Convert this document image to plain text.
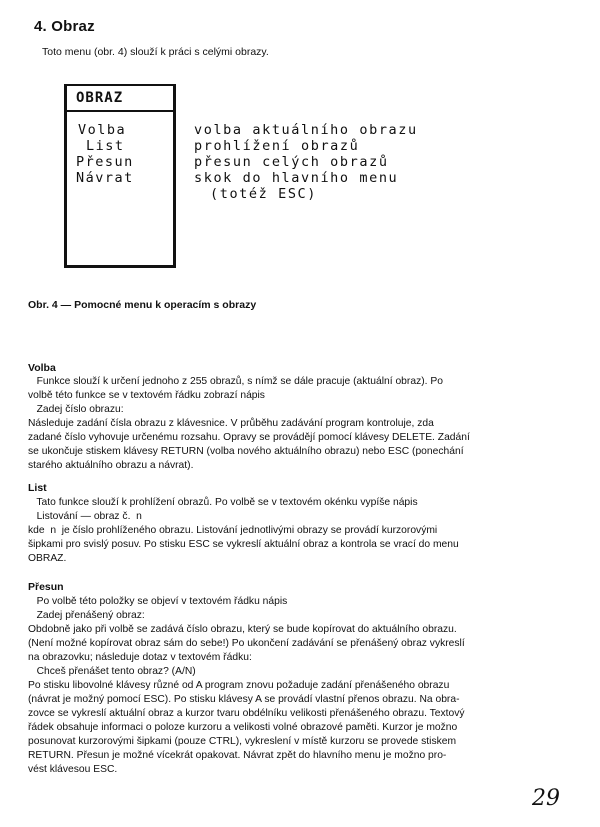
4. Obraz
Toto menu (obr. 4) slouží k práci s celými obrazy.
OBRAZ
Volba
List
Přesun
Návrat
volba aktuálního obrazu
prohlížení obrazů
přesun celých obrazů
skok do hlavního menu
(totéž ESC)
Obr. 4 — Pomocné menu k operacím s obrazy
Volba
Funkce slouží k určení jednoho z 255 obrazů, s nímž se dále pracuje (aktuální obraz). Po
volbě této funkce se v textovém řádku zobrazí nápis
Zadej číslo obrazu:
Následuje zadání čísla obrazu z klávesnice. V průběhu zadávání program kontroluje, zda
zadané číslo vyhovuje určenému rozsahu. Opravy se provádějí pomocí klávesy DELETE. Zadání
se ukončuje stiskem klávesy RETURN (volba nového aktuálního obrazu) nebo ESC (ponechání
starého aktuálního obrazu a návrat).
List
Tato funkce slouží k prohlížení obrazů. Po volbě se v textovém okénku vypíše nápis
Listování — obraz č.  n
kde  n  je číslo prohlíženého obrazu. Listování jednotlivými obrazy se provádí kurzorovými
šipkami pro svislý posuv. Po stisku ESC se vykreslí aktuální obraz a kontrola se vrací do menu
OBRAZ.
Přesun
Po volbě této položky se objeví v textovém řádku nápis
Zadej přenášený obraz:
Obdobně jako při volbě se zadává číslo obrazu, který se bude kopírovat do aktuálního obrazu.
(Není možné kopírovat obraz sám do sebe!) Po ukončení zadávání se přenášený obraz vykreslí
na obrazovku; následuje dotaz v textovém řádku:
Chceš přenášet tento obraz? (A/N)
Po stisku libovolné klávesy různé od A program znovu požaduje zadání přenášeného obrazu
(návrat je možný pomocí ESC). Po stisku klávesy A se provádí vlastní přenos obrazu. Na obra-
zovce se vykreslí aktuální obraz a kurzor tvaru obdélníku velikosti přenášeného obrazu. Textový
řádek obsahuje informaci o poloze kurzoru a velikosti volné obrazové paměti. Kurzor je možno
posunovat kurzorovými šipkami (pouze CTRL), vykreslení v místě kurzoru se provede stiskem
RETURN. Přesun je možné vícekrát opakovat. Návrat zpět do hlavního menu je možno pro-
vést klávesou ESC.
29
